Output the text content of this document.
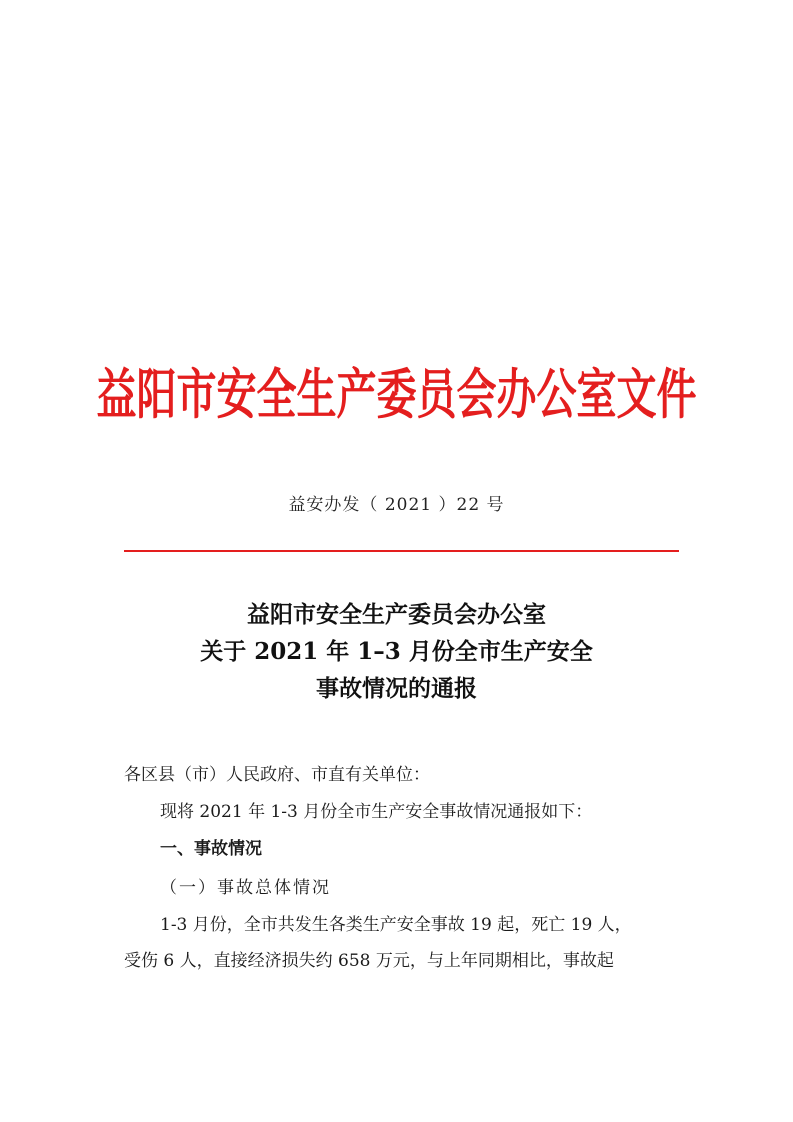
益阳市安全生产委员会办公室文件
益安办发（ 2021 ）22 号
益阳市安全生产委员会办公室
关于 2021 年 1–3 月份全市生产安全
事故情况的通报
各区县（市）人民政府、市直有关单位：
现将 2021 年 1-3 月份全市生产安全事故情况通报如下：
一、事故情况
（一）事故总体情况
1-3 月份，全市共发生各类生产安全事故 19 起，死亡 19 人，
受伤 6 人，直接经济损失约 658 万元，与上年同期相比，事故起
